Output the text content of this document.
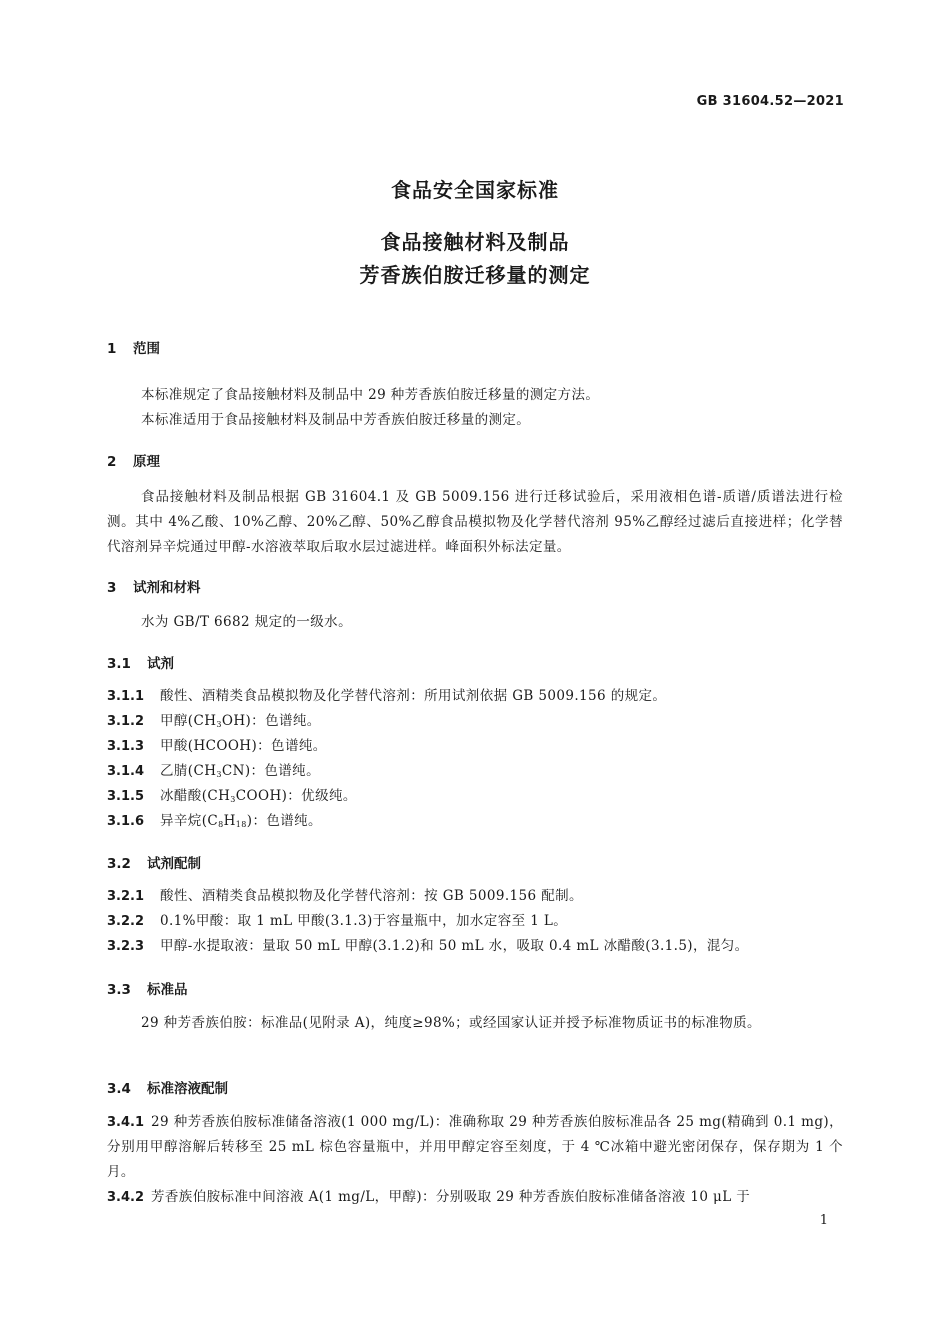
GB 31604.52—2021
食品安全国家标准
食品接触材料及制品
芳香族伯胺迁移量的测定
1 范围
本标准规定了食品接触材料及制品中 29 种芳香族伯胺迁移量的测定方法。
本标准适用于食品接触材料及制品中芳香族伯胺迁移量的测定。
2 原理
食品接触材料及制品根据 GB 31604.1 及 GB 5009.156 进行迁移试验后，采用液相色谱-质谱/质谱法进行检测。其中 4%乙酸、10%乙醇、20%乙醇、50%乙醇食品模拟物及化学替代溶剂 95%乙醇经过滤后直接进样；化学替代溶剂异辛烷通过甲醇-水溶液萃取后取水层过滤进样。峰面积外标法定量。
3 试剂和材料
水为 GB/T 6682 规定的一级水。
3.1 试剂
3.1.1 酸性、酒精类食品模拟物及化学替代溶剂：所用试剂依据 GB 5009.156 的规定。
3.1.2 甲醇$(CH_3OH)$：色谱纯。
3.1.3 甲酸(HCOOH)：色谱纯。
3.1.4 乙腈$(CH_3CN)$：色谱纯。
3.1.5 冰醋酸$(CH_3COOH)$：优级纯。
3.1.6 异辛烷$(C_8H_{18})$：色谱纯。
3.2 试剂配制
3.2.1 酸性、酒精类食品模拟物及化学替代溶剂：按 GB 5009.156 配制。
3.2.2 0.1%甲酸：取 1 mL 甲酸(3.1.3)于容量瓶中，加水定容至 1 L。
3.2.3 甲醇-水提取液：量取 50 mL 甲醇(3.1.2)和 50 mL 水，吸取 0.4 mL 冰醋酸(3.1.5)，混匀。
3.3 标准品
29 种芳香族伯胺：标准品(见附录 A)，纯度≥98%；或经国家认证并授予标准物质证书的标准物质。
3.4 标准溶液配制
3.4.1 29 种芳香族伯胺标准储备溶液(1 000 mg/L)：准确称取 29 种芳香族伯胺标准品各 25 mg(精确到 0.1 mg)，分别用甲醇溶解后转移至 25 mL 棕色容量瓶中，并用甲醇定容至刻度，于 4 ℃冰箱中避光密闭保存，保存期为 1 个月。
3.4.2 芳香族伯胺标准中间溶液 A(1 mg/L，甲醇)：分别吸取 29 种芳香族伯胺标准储备溶液 10 μL 于
1
